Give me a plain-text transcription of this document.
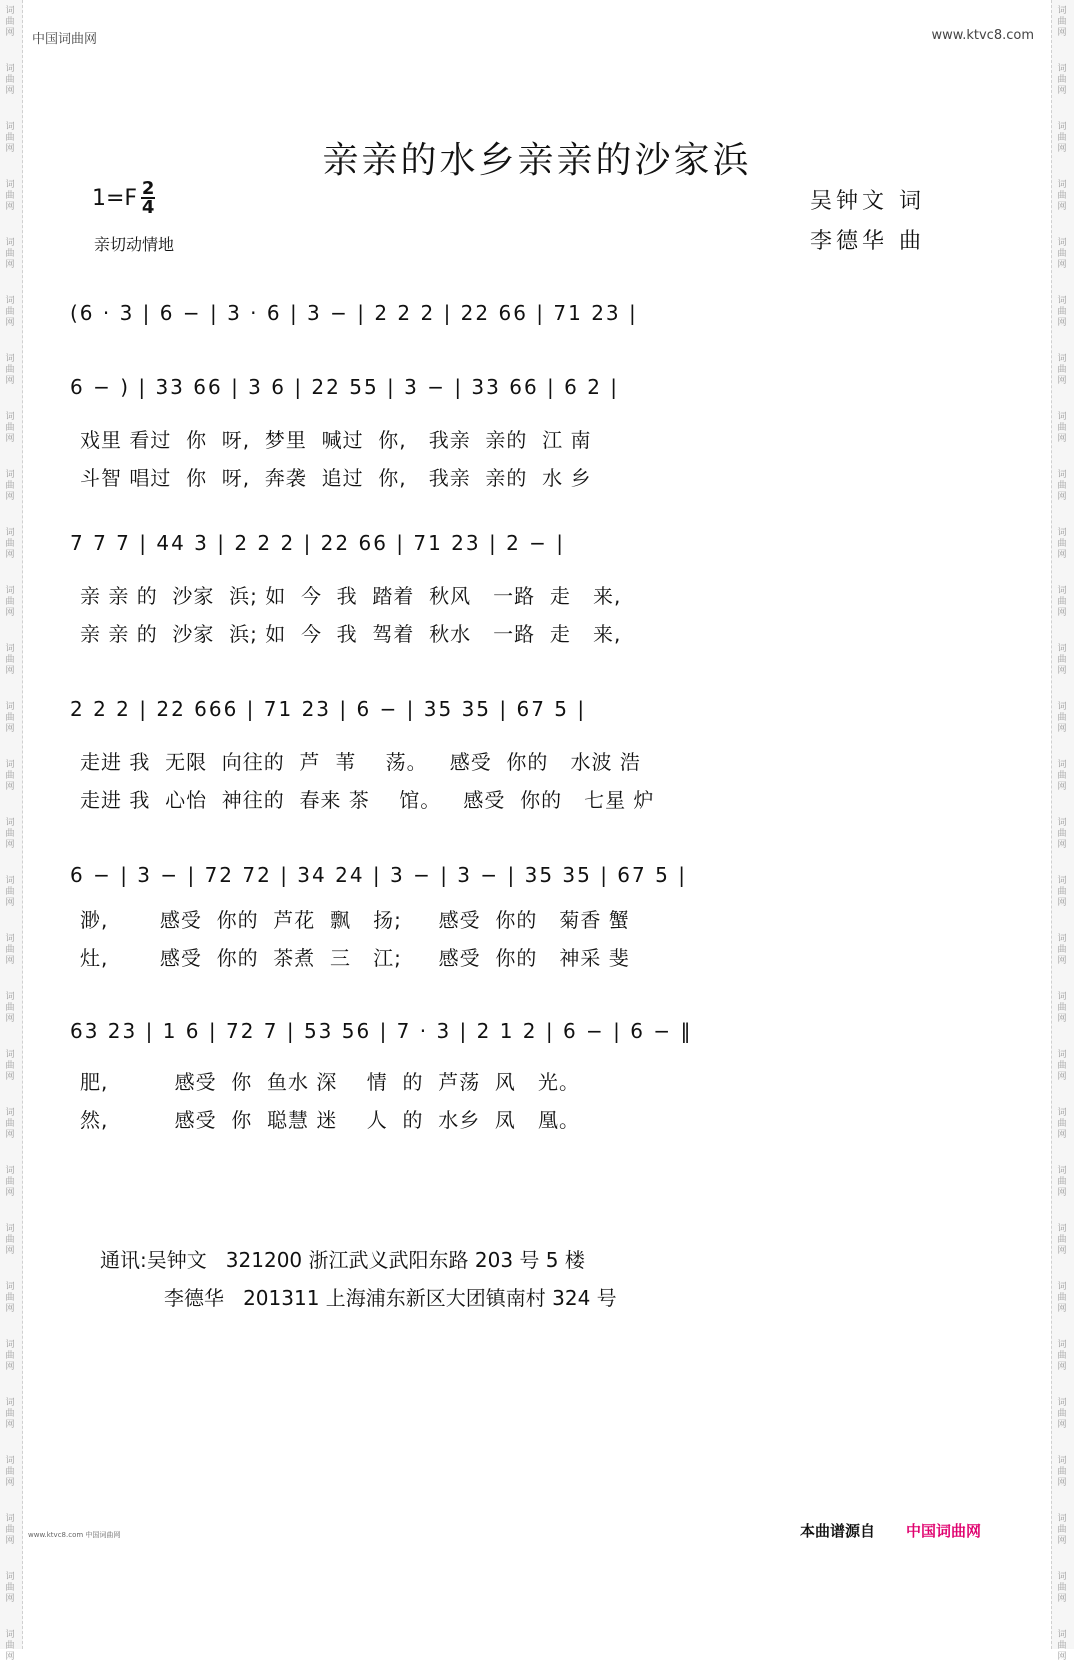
词
曲
网
词
曲
网
词
曲
网
词
曲
网
词
曲
网
词
曲
网
词
曲
网
词
曲
网
词
曲
网
词
曲
网
词
曲
网
词
曲
网
词
曲
网
词
曲
网
词
曲
网
词
曲
网
词
曲
网
词
曲
网
词
曲
网
词
曲
网
词
曲
网
词
曲
网
词
曲
网
词
曲
网
词
曲
网
词
曲
网
词
曲
网
词
曲
网
词
曲
网
词
曲
网
词
曲
网
词
曲
网
词
曲
网
词
曲
网
词
曲
网
词
曲
网
词
曲
网
词
曲
网
词
曲
网
词
曲
网
词
曲
网
词
曲
网
词
曲
网
词
曲
网
词
曲
网
词
曲
网
词
曲
网
词
曲
网
词
曲
网
词
曲
网
词
曲
网
词
曲
网
词
曲
网
词
曲
网
词
曲
网
词
曲
网
词
曲
网
词
曲
网
中国词曲网	www.ktvc8.com
亲亲的水乡亲亲的沙家浜
1=F 2
4
亲切动情地
吴钟文 词
李德华 曲
(6 · 3 | 6 − | 3 · 6 | 3 − | 2 2 2 | 22 66 | 71 23 |
6 − ) | 33 66 | 3 6 | 22 55 | 3 − | 33 66 | 6 2 |
戏里 看过  你  呀,  梦里  喊过  你,   我亲  亲的  江 南
斗智 唱过  你  呀,  奔袭  追过  你,   我亲  亲的  水 乡
7 7 7 | 44 3 | 2 2 2 | 22 66 | 71 23 | 2 − |
亲 亲 的  沙家  浜; 如  今  我  踏着  秋风   一路  走   来,
亲 亲 的  沙家  浜; 如  今  我  驾着  秋水   一路  走   来,
2 2 2 | 22 666 | 71 23 | 6 − | 35 35 | 67 5 |
走进 我  无限  向往的  芦  苇    荡。   感受  你的   水波 浩
走进 我  心怡  神往的  春来 茶    馆。   感受  你的   七星 炉
6 − | 3 − | 72 72 | 34 24 | 3 − | 3 − | 35 35 | 67 5 |
渺,       感受  你的  芦花  飘   扬;     感受  你的   菊香 蟹
灶,       感受  你的  茶煮  三   江;     感受  你的   神采 斐
63 23 | 1 6 | 72 7 | 53 56 | 7 · 3 | 2 1 2 | 6 − | 6 − ‖
肥,         感受  你  鱼水 深    情  的  芦荡  风   光。
然,         感受  你  聪慧 迷    人  的  水乡  凤   凰。
通讯:吴钟文   321200 浙江武义武阳东路 203 号 5 楼
李德华   201311 上海浦东新区大团镇南村 324 号
www.ktvc8.com 中国词曲网	本曲谱源自 中国词曲网
